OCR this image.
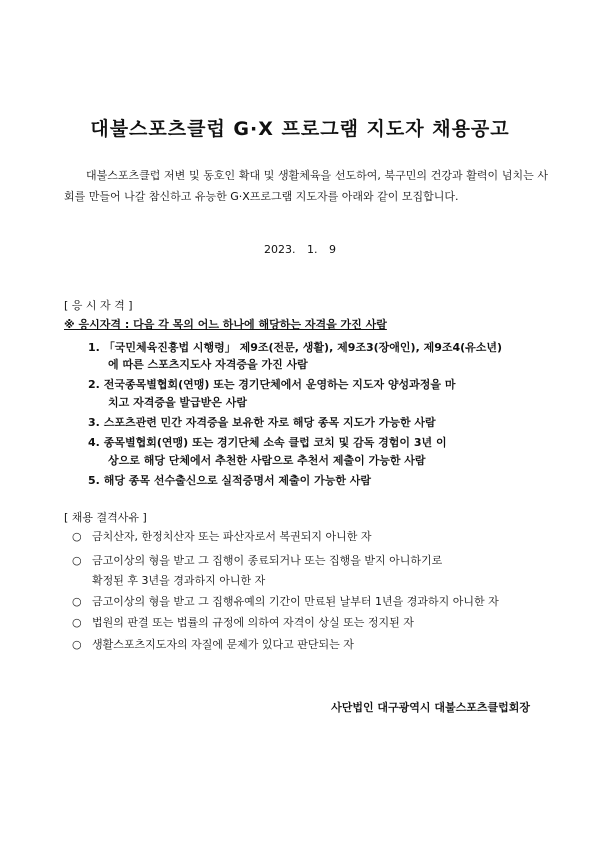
대불스포츠클럽 G·X 프로그램 지도자 채용공고
대불스포츠클럽 저변 및 동호인 확대 및 생활체육을 선도하여, 북구민의 건강과 활력이 넘치는 사회를 만들어 나갈 참신하고 유능한 G·X프로그램 지도자를 아래와 같이 모집합니다.
2023. 1. 9
[ 응 시 자 격 ]
※ 응시자격 : 다음 각 목의 어느 하나에 해당하는 자격을 가진 사람
1. 「국민체육진흥법 시행령」 제9조(전문, 생활), 제9조3(장애인), 제9조4(유소년)
에 따른 스포츠지도사 자격증을 가진 사람
2. 전국종목별협회(연맹) 또는 경기단체에서 운영하는 지도자 양성과정을 마
치고 자격증을 발급받은 사람
3. 스포츠관련 민간 자격증을 보유한 자로 해당 종목 지도가 가능한 사람
4. 종목별협회(연맹) 또는 경기단체 소속 클럽 코치 및 감독 경험이 3년 이
상으로 해당 단체에서 추천한 사람으로 추천서 제출이 가능한 사람
5. 해당 종목 선수출신으로 실적증명서 제출이 가능한 사람
[ 채용 결격사유 ]
○ 금치산자, 한정치산자 또는 파산자로서 복권되지 아니한 자
○ 금고이상의 형을 받고 그 집행이 종료되거나 또는 집행을 받지 아니하기로
확정된 후 3년을 경과하지 아니한 자
○ 금고이상의 형을 받고 그 집행유예의 기간이 만료된 날부터 1년을 경과하지 아니한 자
○ 법원의 판결 또는 법률의 규정에 의하여 자격이 상실 또는 정지된 자
○ 생활스포츠지도자의 자질에 문제가 있다고 판단되는 자
사단법인 대구광역시 대불스포츠클럽회장
